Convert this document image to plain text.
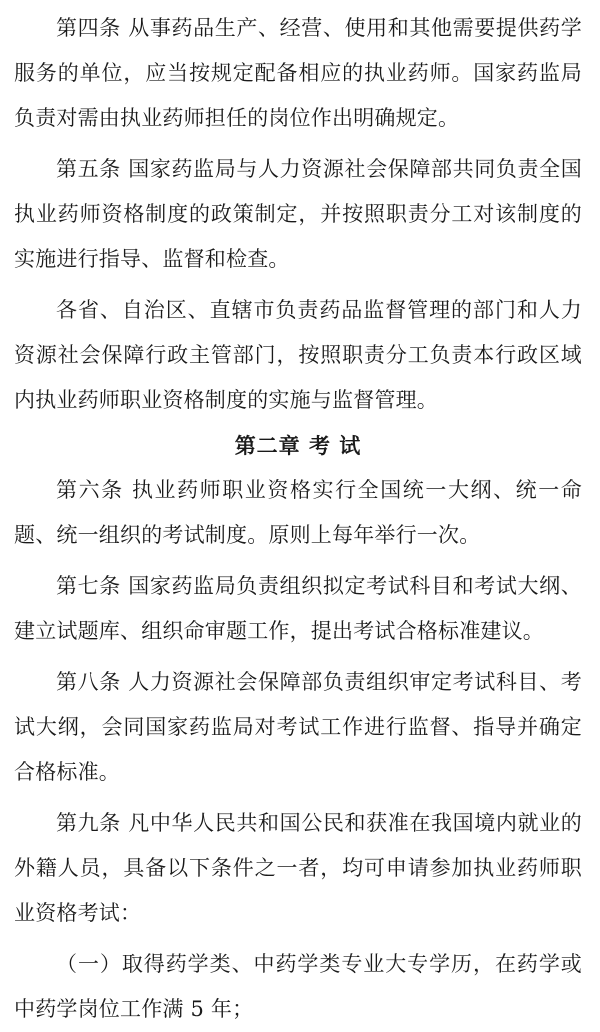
第四条 从事药品生产、经营、使用和其他需要提供药学服务的单位，应当按规定配备相应的执业药师。国家药监局负责对需由执业药师担任的岗位作出明确规定。

第五条 国家药监局与人力资源社会保障部共同负责全国执业药师资格制度的政策制定，并按照职责分工对该制度的实施进行指导、监督和检查。

各省、自治区、直辖市负责药品监督管理的部门和人力资源社会保障行政主管部门，按照职责分工负责本行政区域内执业药师职业资格制度的实施与监督管理。

第二章 考 试

第六条 执业药师职业资格实行全国统一大纲、统一命题、统一组织的考试制度。原则上每年举行一次。

第七条 国家药监局负责组织拟定考试科目和考试大纲、建立试题库、组织命审题工作，提出考试合格标准建议。

第八条 人力资源社会保障部负责组织审定考试科目、考试大纲，会同国家药监局对考试工作进行监督、指导并确定合格标准。

第九条 凡中华人民共和国公民和获准在我国境内就业的外籍人员，具备以下条件之一者，均可申请参加执业药师职业资格考试：

（一）取得药学类、中药学类专业大专学历，在药学或中药学岗位工作满 5 年；
